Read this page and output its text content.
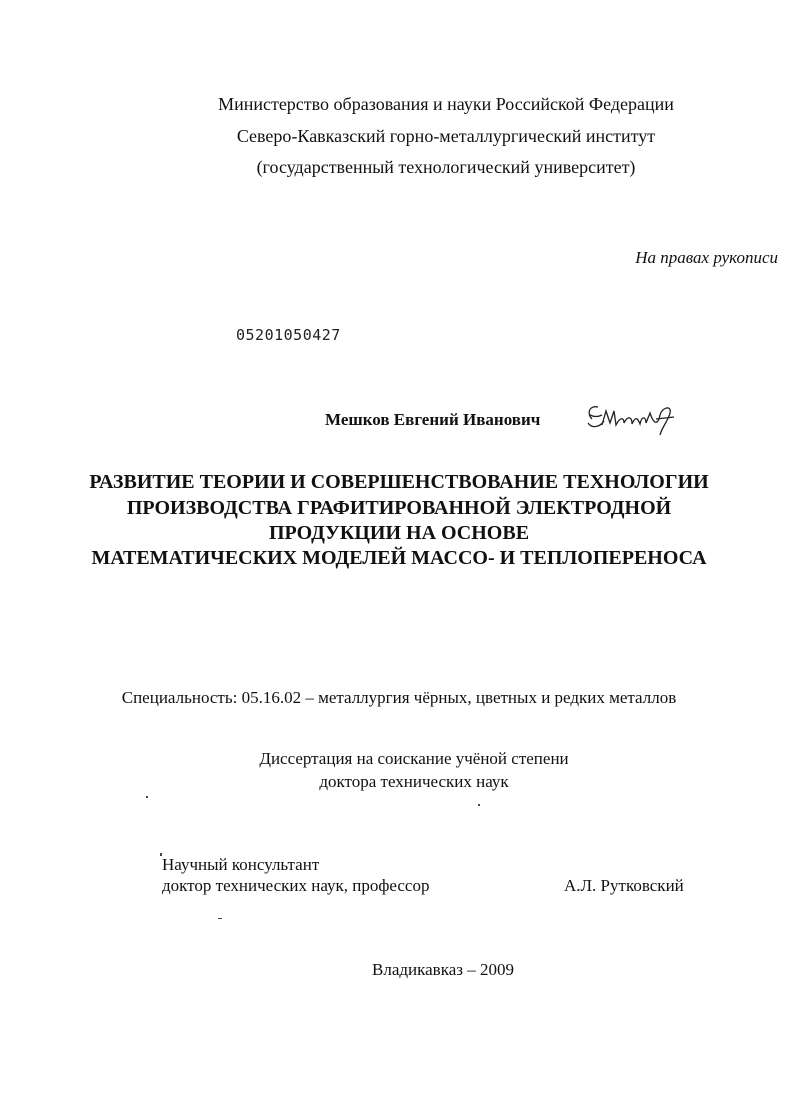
Министерство образования и науки Российской Федерации
Северо-Кавказский горно-металлургический институт
(государственный технологический университет)
На правах рукописи
05201050427
Мешков Евгений Иванович
РАЗВИТИЕ ТЕОРИИ И СОВЕРШЕНСТВОВАНИЕ ТЕХНОЛОГИИ
ПРОИЗВОДСТВА ГРАФИТИРОВАННОЙ ЭЛЕКТРОДНОЙ
ПРОДУКЦИИ НА ОСНОВЕ
МАТЕМАТИЧЕСКИХ МОДЕЛЕЙ МАССО- И ТЕПЛОПЕРЕНОСА
Специальность: 05.16.02 – металлургия чёрных, цветных и редких металлов
Диссертация на соискание учёной степени
доктора технических наук
Научный консультант
доктор технических наук, профессор	А.Л. Рутковский
Владикавказ – 2009
